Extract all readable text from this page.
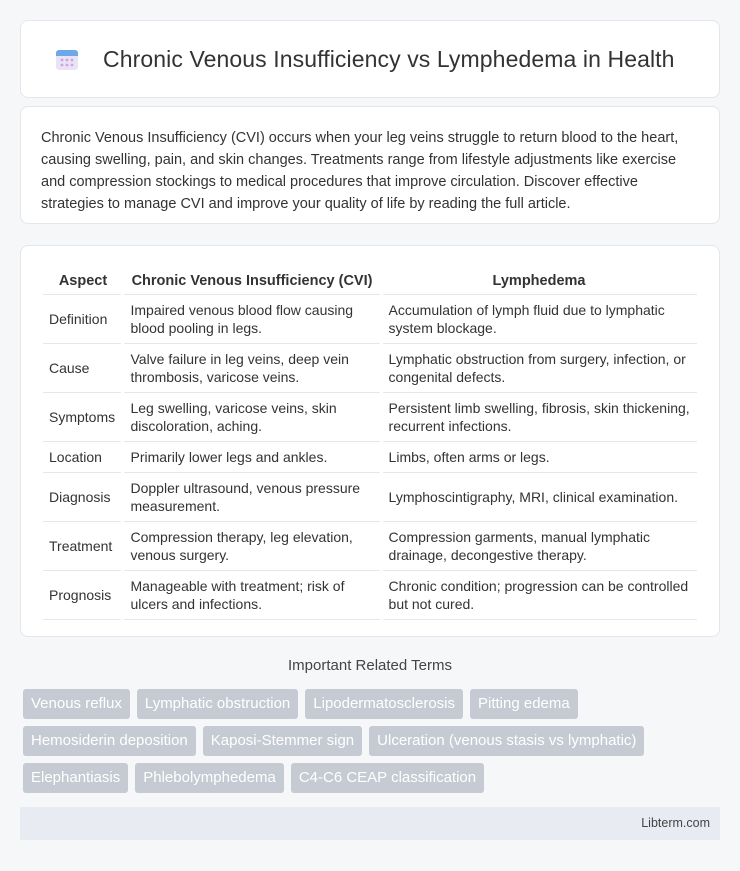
Chronic Venous Insufficiency vs Lymphedema in Health

Chronic Venous Insufficiency (CVI) occurs when your leg veins struggle to return blood to the heart, causing swelling, pain, and skin changes. Treatments range from lifestyle adjustments like exercise and compression stockings to medical procedures that improve circulation. Discover effective strategies to manage CVI and improve your quality of life by reading the full article.

Aspect	Chronic Venous Insufficiency (CVI)	Lymphedema
Definition	Impaired venous blood flow causing blood pooling in legs.	Accumulation of lymph fluid due to lymphatic system blockage.
Cause	Valve failure in leg veins, deep vein thrombosis, varicose veins.	Lymphatic obstruction from surgery, infection, or congenital defects.
Symptoms	Leg swelling, varicose veins, skin discoloration, aching.	Persistent limb swelling, fibrosis, skin thickening, recurrent infections.
Location	Primarily lower legs and ankles.	Limbs, often arms or legs.
Diagnosis	Doppler ultrasound, venous pressure measurement.	Lymphoscintigraphy, MRI, clinical examination.
Treatment	Compression therapy, leg elevation, venous surgery.	Compression garments, manual lymphatic drainage, decongestive therapy.
Prognosis	Manageable with treatment; risk of ulcers and infections.	Chronic condition; progression can be controlled but not cured.
Important Related Terms
Venous reflux	Lymphatic obstruction	Lipodermatosclerosis	Pitting edema
Hemosiderin deposition	Kaposi-Stemmer sign	Ulceration (venous stasis vs lymphatic)
Elephantiasis	Phlebolymphedema	C4-C6 CEAP classification
Libterm.com
